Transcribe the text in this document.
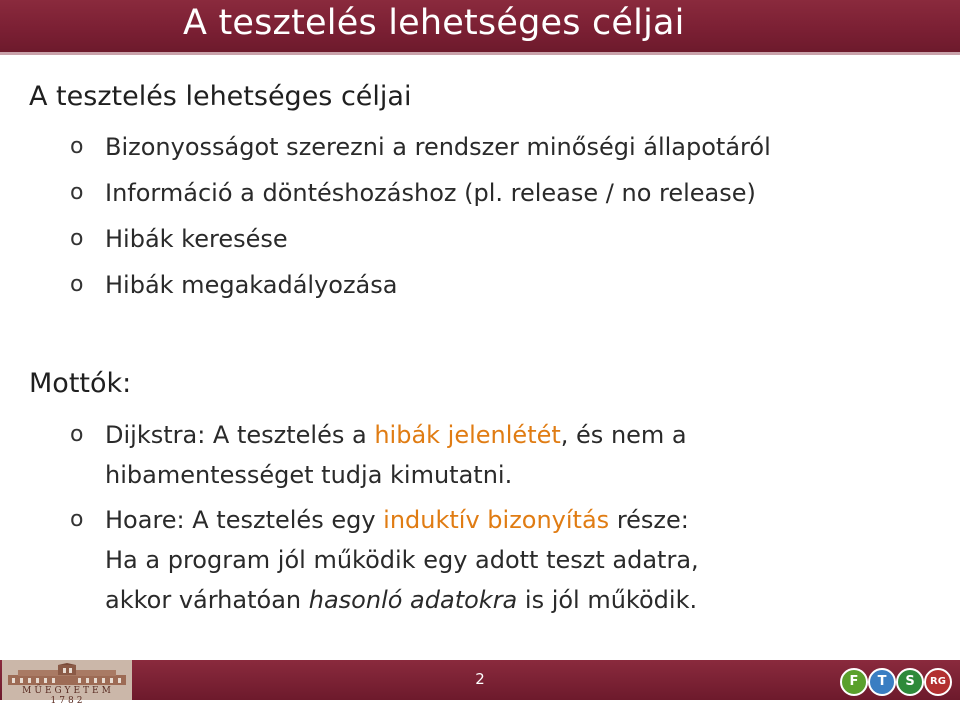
A tesztelés lehetséges céljai
A tesztelés lehetséges céljai
o Bizonyosságot szerezni a rendszer minőségi állapotáról
o Információ a döntéshozáshoz (pl. release / no release)
o Hibák keresése
o Hibák megakadályozása
Mottók:
o Dijkstra: A tesztelés a hibák jelenlétét, és nem a
hibamentességet tudja kimutatni.
o Hoare: A tesztelés egy induktív bizonyítás része:
Ha a program jól működik egy adott teszt adatra,
akkor várhatóan hasonló adatokra is jól működik.
MŰEGYETEM 1782
2	F	T	S	RG
